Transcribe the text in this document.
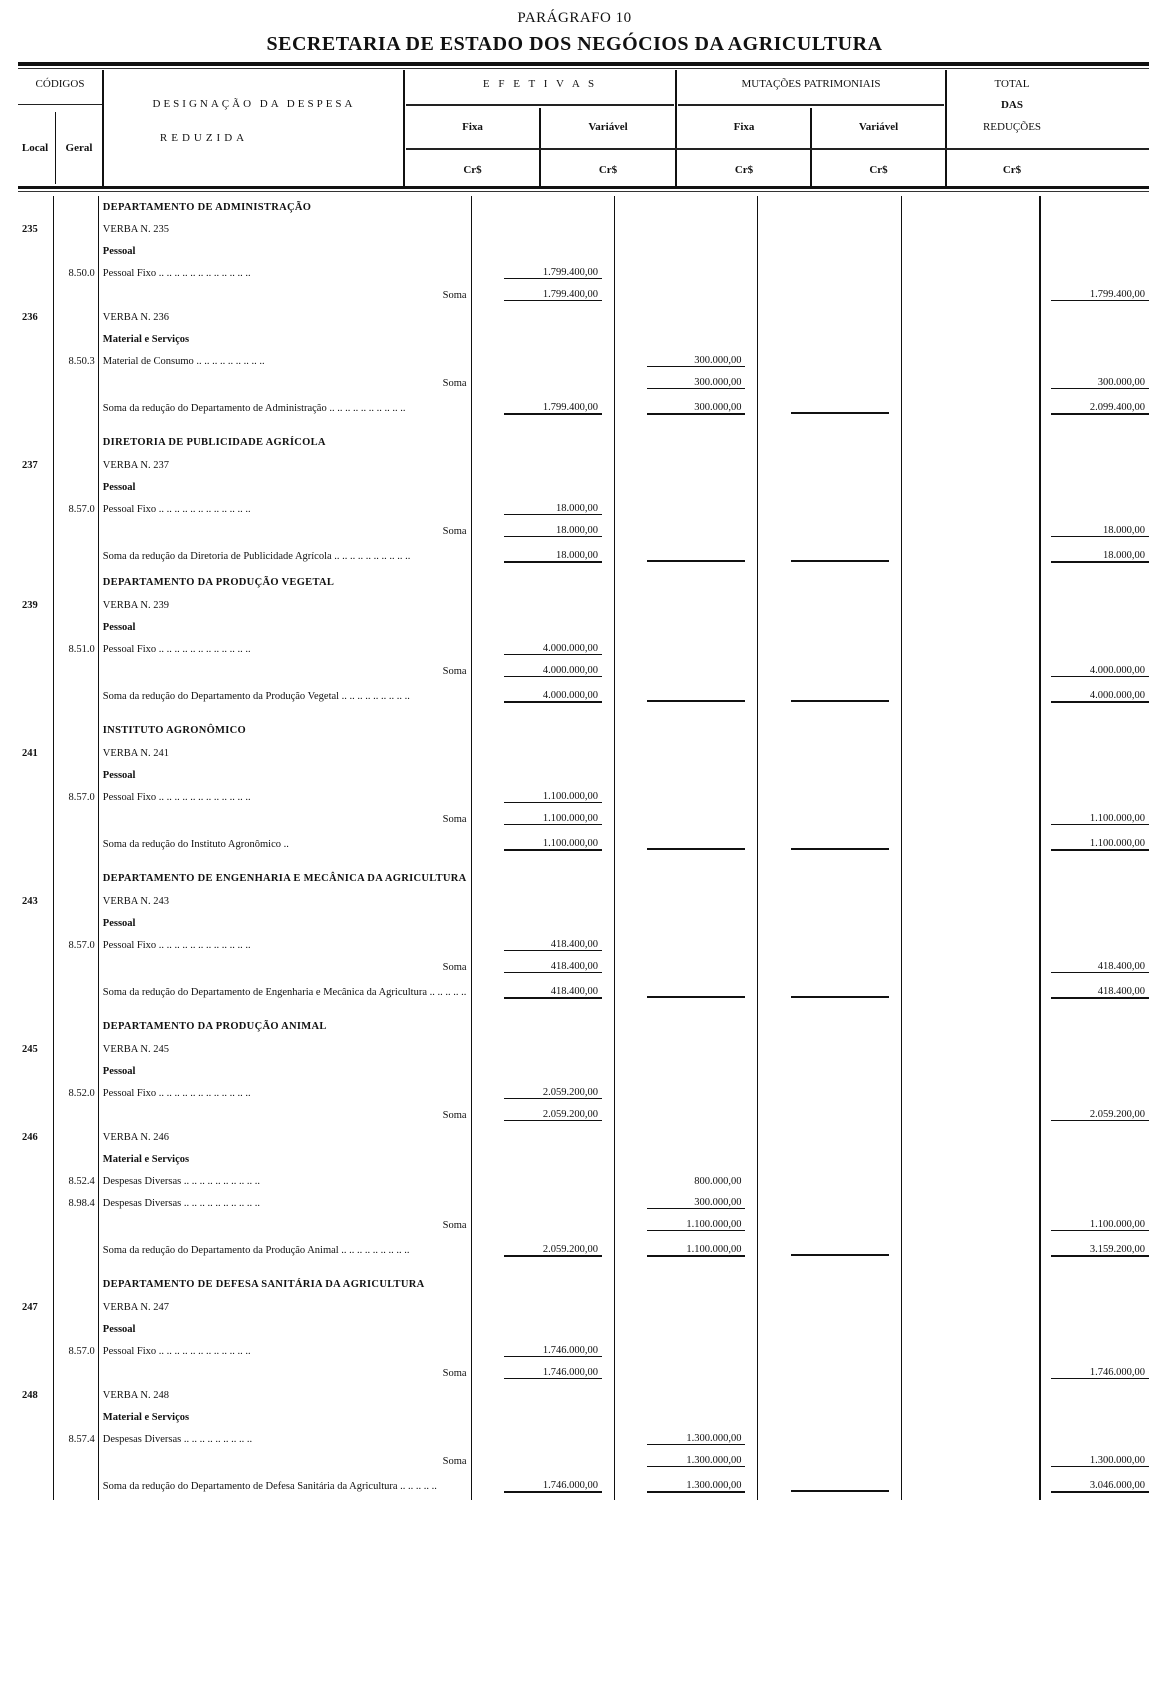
PARÁGRAFO 10
SECRETARIA DE ESTADO DOS NEGÓCIOS DA AGRICULTURA
CÓDIGOS
Local	Geral
DESIGNAÇÃO DA DESPESA
REDUZIDA
E F E T I V A S	MUTAÇÕES PATRIMONIAIS	TOTAL
DAS
REDUÇÕES
Fixa	Variável	Fixa	Variável
Cr$	Cr$	Cr$	Cr$	Cr$
		DEPARTAMENTO DE ADMINISTRAÇÃO					
235		VERBA N. 235					
		Pessoal					
	8.50.0	Pessoal Fixo .. .. .. .. .. .. .. .. .. .. .. ..	1.799.400,00				
		Soma	1.799.400,00				1.799.400,00
236		VERBA N. 236					
		Material e Serviços					
	8.50.3	Material de Consumo .. .. .. .. .. .. .. .. ..		300.000,00			
		Soma		300.000,00			300.000,00
		Soma da redução do Departamento de Administração .. .. .. .. .. .. .. .. .. ..	1.799.400,00	300.000,00			2.099.400,00
		DIRETORIA DE PUBLICIDADE AGRÍCOLA					
237		VERBA N. 237					
		Pessoal					
	8.57.0	Pessoal Fixo .. .. .. .. .. .. .. .. .. .. .. ..	18.000,00				
		Soma	18.000,00				18.000,00
		Soma da redução da Diretoria de Publicidade Agrícola .. .. .. .. .. .. .. .. .. ..	18.000,00				18.000,00
		DEPARTAMENTO DA PRODUÇÃO VEGETAL					
239		VERBA N. 239					
		Pessoal					
	8.51.0	Pessoal Fixo .. .. .. .. .. .. .. .. .. .. .. ..	4.000.000,00				
		Soma	4.000.000,00				4.000.000,00
		Soma da redução do Departamento da Produção Vegetal .. .. .. .. .. .. .. .. ..	4.000.000,00				4.000.000,00
		INSTITUTO AGRONÔMICO					
241		VERBA N. 241					
		Pessoal					
	8.57.0	Pessoal Fixo .. .. .. .. .. .. .. .. .. .. .. ..	1.100.000,00				
		Soma	1.100.000,00				1.100.000,00
		Soma da redução do Instituto Agronômico ..	1.100.000,00				1.100.000,00
		DEPARTAMENTO DE ENGENHARIA E MECÂNICA DA AGRICULTURA					
243		VERBA N. 243					
		Pessoal					
	8.57.0	Pessoal Fixo .. .. .. .. .. .. .. .. .. .. .. ..	418.400,00				
		Soma	418.400,00				418.400,00
		Soma da redução do Departamento de Engenharia e Mecânica da Agricultura .. .. .. .. ..	418.400,00				418.400,00
		DEPARTAMENTO DA PRODUÇÃO ANIMAL					
245		VERBA N. 245					
		Pessoal					
	8.52.0	Pessoal Fixo .. .. .. .. .. .. .. .. .. .. .. ..	2.059.200,00				
		Soma	2.059.200,00				2.059.200,00
246		VERBA N. 246					
		Material e Serviços					
	8.52.4	Despesas Diversas .. .. .. .. .. .. .. .. .. ..		800.000,00			
	8.98.4	Despesas Diversas .. .. .. .. .. .. .. .. .. ..		300.000,00			
		Soma		1.100.000,00			1.100.000,00
		Soma da redução do Departamento da Produção Animal .. .. .. .. .. .. .. .. ..	2.059.200,00	1.100.000,00			3.159.200,00
		DEPARTAMENTO DE DEFESA SANITÁRIA DA AGRICULTURA					
247		VERBA N. 247					
		Pessoal					
	8.57.0	Pessoal Fixo .. .. .. .. .. .. .. .. .. .. .. ..	1.746.000,00				
		Soma	1.746.000,00				1.746.000,00
248		VERBA N. 248					
		Material e Serviços					
	8.57.4	Despesas Diversas .. .. .. .. .. .. .. .. ..		1.300.000,00			
		Soma		1.300.000,00			1.300.000,00
		Soma da redução do Departamento de Defesa Sanitária da Agricultura .. .. .. .. ..	1.746.000,00	1.300.000,00			3.046.000,00
